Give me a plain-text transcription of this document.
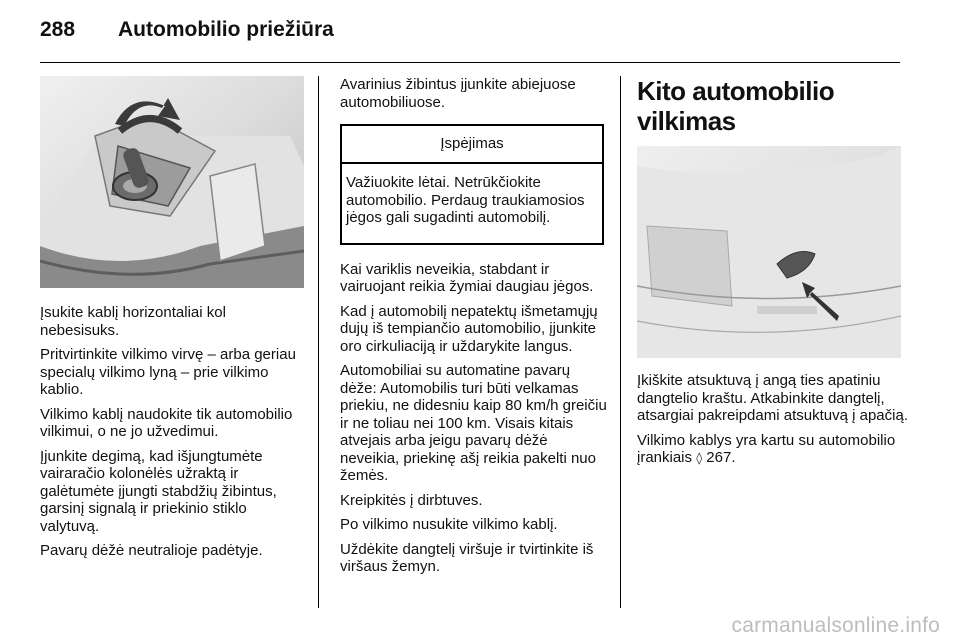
288 Automobilio priežiūra

Įsukite kablį horizontaliai kol nebesisuks.

Pritvirtinkite vilkimo virvę – arba geriau specialų vilkimo lyną – prie vilkimo kablio.

Vilkimo kablį naudokite tik automobilio vilkimui, o ne jo užvedimui.

Įjunkite degimą, kad išjungtumėte vairaračio kolonėlės užraktą ir galėtumėte įjungti stabdžių žibintus, garsinį signalą ir priekinio stiklo valytuvą.

Pavarų dėžė neutralioje padėtyje.

Avarinius žibintus įjunkite abiejuose automobiliuose.

Įspėjimas

Važiuokite lėtai. Netrūkčiokite automobilio. Perdaug traukiamosios jėgos gali sugadinti automobilį.

Kai variklis neveikia, stabdant ir vairuojant reikia žymiai daugiau jėgos.

Kad į automobilį nepatektų išmetamųjų dujų iš tempiančio automobilio, įjunkite oro cirkuliaciją ir uždarykite langus.

Automobiliai su automatine pavarų dėže: Automobilis turi būti velkamas priekiu, ne didesniu kaip 80 km/h greičiu ir ne toliau nei 100 km. Visais kitais atvejais arba jeigu pavarų dėžė neveikia, priekinę ašį reikia pakelti nuo žemės.

Kreipkitės į dirbtuves.

Po vilkimo nusukite vilkimo kablį.

Uždėkite dangtelį viršuje ir tvirtinkite iš viršaus žemyn.

Kito automobilio vilkimas

Įkiškite atsuktuvą į angą ties apatiniu dangtelio kraštu. Atkabinkite dangtelį, atsargiai pakreipdami atsuktuvą į apačią.

Vilkimo kablys yra kartu su automobilio įrankiais ◊ 267.

carmanualsonline.info
